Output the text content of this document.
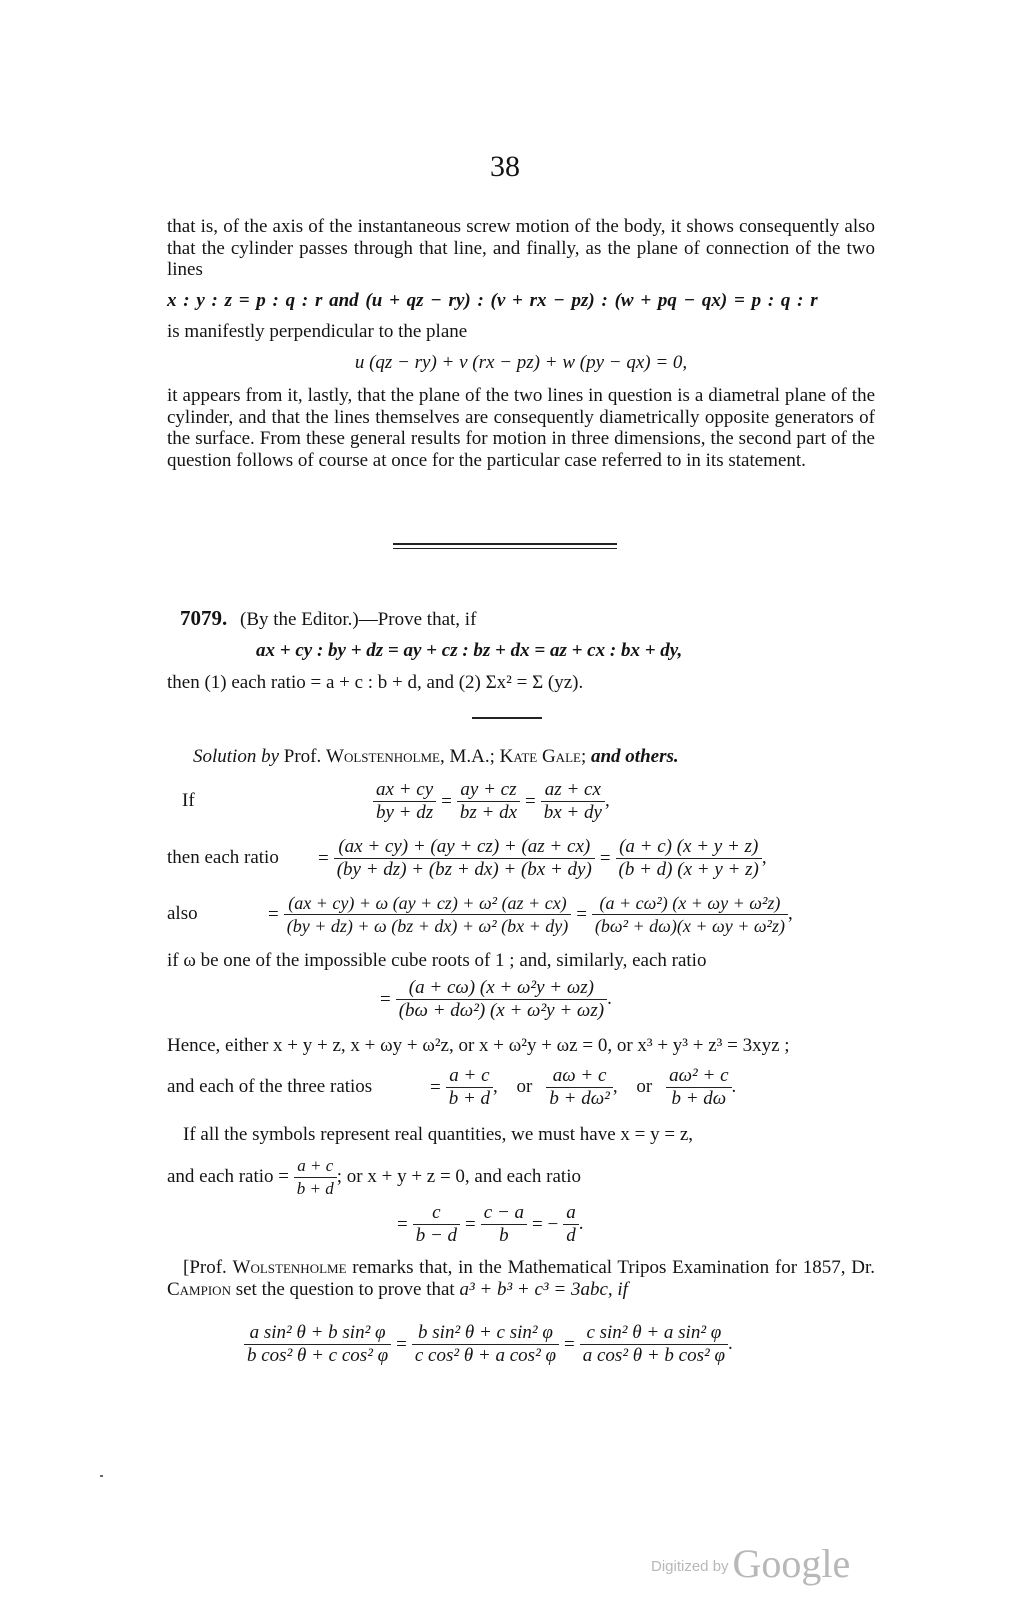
38
that is, of the axis of the instantaneous screw motion of the body, it shows consequently also that the cylinder passes through that line, and finally, as the plane of connection of the two lines
x : y : z = p : q : r and (u + qz − ry) : (v + rx − pz) : (w + pq − qx) = p : q : r
is manifestly perpendicular to the plane
u (qz − ry) + v (rx − pz) + w (py − qx) = 0,
it appears from it, lastly, that the plane of the two lines in question is a diametral plane of the cylinder, and that the lines themselves are consequently diametrically opposite generators of the surface. From these general results for motion in three dimensions, the second part of the question follows of course at once for the particular case referred to in its statement.
7079. (By the Editor.)—Prove that, if
ax + cy : by + dz = ay + cz : bz + dx = az + cx : bx + dy,
then (1) each ratio = a + c : b + d, and (2) Σx² = Σ (yz).
Solution by Prof. Wolstenholme, M.A.; Kate Gale; and others.
If	$\frac{ax + cy}{by + dz} = \frac{ay + cz}{bz + dx} = \frac{az + cx}{bx + dy}$ ,
then each ratio = $\frac{(ax + cy) + (ay + cz) + (az + cx)}{(by + dz) + (bz + dx) + (bx + dy)} = \frac{(a + c) (x + y + z)}{(b + d) (x + y + z)}$ ,
also	= $\frac{\text{(ax + cy) + ω (ay + cz) + ω² (az + cx)}}{\text{(by + dz) + ω (bz + dx) + ω² (bx + dy)}} = \frac{\text{(a + cω²) (x + ωy + ω²z)}}{\text{(bω² + dω)(x + ωy + ω²z)}}$ ,
if ω be one of the impossible cube roots of 1 ; and, similarly, each ratio
= $\frac{\text{(a + cω) (x + ω²y + ωz)}}{\text{(bω + dω²) (x + ω²y + ωz)}}$ .
Hence, either x + y + z, x + ωy + ω²z, or x + ω²y + ωz = 0, or x³ + y³ + z³ = 3xyz ;
and each of the three ratios	= $\frac{a + c}{b + d}$ , or $\frac{a\omega + c}{\text{b + dω²}}$ , or $\frac{\text{aω² + c}}{b + d\omega}$ .
If all the symbols represent real quantities, we must have x = y = z,
and each ratio = $\frac{a + c}{b + d}$ ; or x + y + z = 0, and each ratio
= $\frac{c}{b - d} = \frac{c - a}{b}$ = − $\frac{a}{d}$ .
[Prof. Wolstenholme remarks that, in the Mathematical Tripos Examination for 1857, Dr. Campion set the question to prove that a³ + b³ + c³ = 3abc, if
$\frac{\text{a sin² θ + b sin² φ}}{\text{b cos² θ + c cos² φ}} = \frac{\text{b sin² θ + c sin² φ}}{\text{c cos² θ + a cos² φ}} = \frac{\text{c sin² θ + a sin² φ}}{\text{a cos² θ + b cos² φ}}$ .
Digitized by Google
